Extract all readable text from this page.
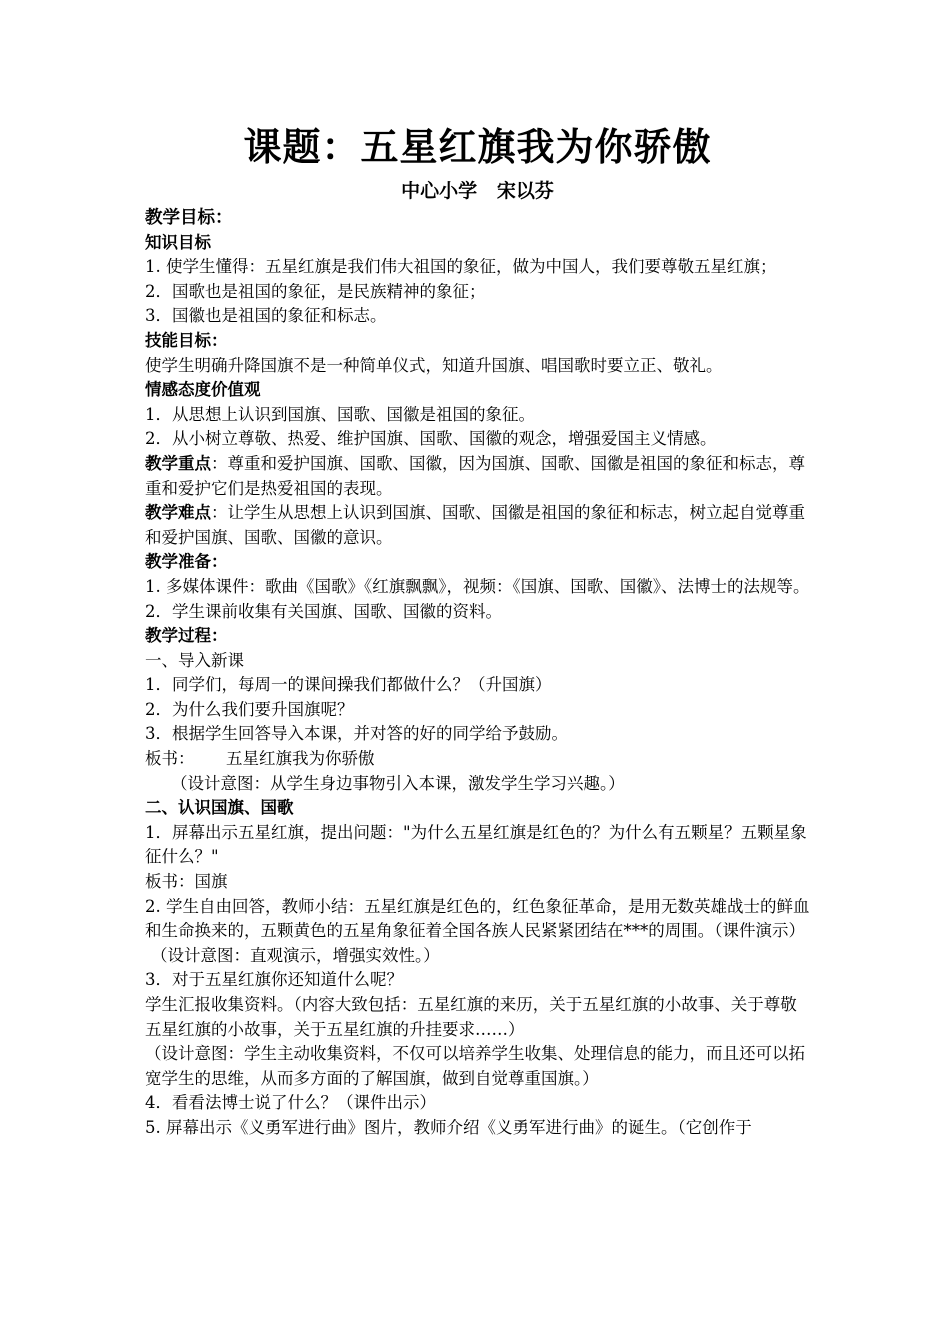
课题：五星红旗我为你骄傲
中心小学   宋以芬
教学目标：
知识目标

1. 使学生懂得：五星红旗是我们伟大祖国的象征，做为中国人，我们要尊敬五星红旗；

2．国歌也是祖国的象征，是民族精神的象征；

3．国徽也是祖国的象征和标志。

技能目标：

使学生明确升降国旗不是一种简单仪式，知道升国旗、唱国歌时要立正、敬礼。

情感态度价值观

1．从思想上认识到国旗、国歌、国徽是祖国的象征。

2．从小树立尊敬、热爱、维护国旗、国歌、国徽的观念，增强爱国主义情感。

教学重点：尊重和爱护国旗、国歌、国徽，因为国旗、国歌、国徽是祖国的象征和标志，尊重和爱护它们是热爱祖国的表现。

教学难点：让学生从思想上认识到国旗、国歌、国徽是祖国的象征和标志，树立起自觉尊重和爱护国旗、国歌、国徽的意识。

教学准备：

1. 多媒体课件：歌曲《国歌》《红旗飘飘》，视频：《国旗、国歌、国徽》、法博士的法规等。

2．学生课前收集有关国旗、国歌、国徽的资料。

教学过程：

一、导入新课

1．同学们，每周一的课间操我们都做什么？（升国旗）

2．为什么我们要升国旗呢？

3．根据学生回答导入本课，并对答的好的同学给予鼓励。

板书：      五星红旗我为你骄傲

（设计意图：从学生身边事物引入本课，激发学生学习兴趣。）

二、认识国旗、国歌

1．屏幕出示五星红旗，提出问题："为什么五星红旗是红色的？为什么有五颗星？五颗星象征什么？"

板书：国旗

2. 学生自由回答，教师小结：五星红旗是红色的，红色象征革命，是用无数英雄战士的鲜血和生命换来的，五颗黄色的五星角象征着全国各族人民紧紧团结在***的周围。（课件演示）

（设计意图：直观演示，增强实效性。）

3．对于五星红旗你还知道什么呢？

学生汇报收集资料。（内容大致包括：五星红旗的来历，关于五星红旗的小故事、关于尊敬五星红旗的小故事，关于五星红旗的升挂要求……）

（设计意图：学生主动收集资料，不仅可以培养学生收集、处理信息的能力，而且还可以拓宽学生的思维，从而多方面的了解国旗，做到自觉尊重国旗。）

4．看看法博士说了什么？（课件出示）

5. 屏幕出示《义勇军进行曲》图片，教师介绍《义勇军进行曲》的诞生。（它创作于
